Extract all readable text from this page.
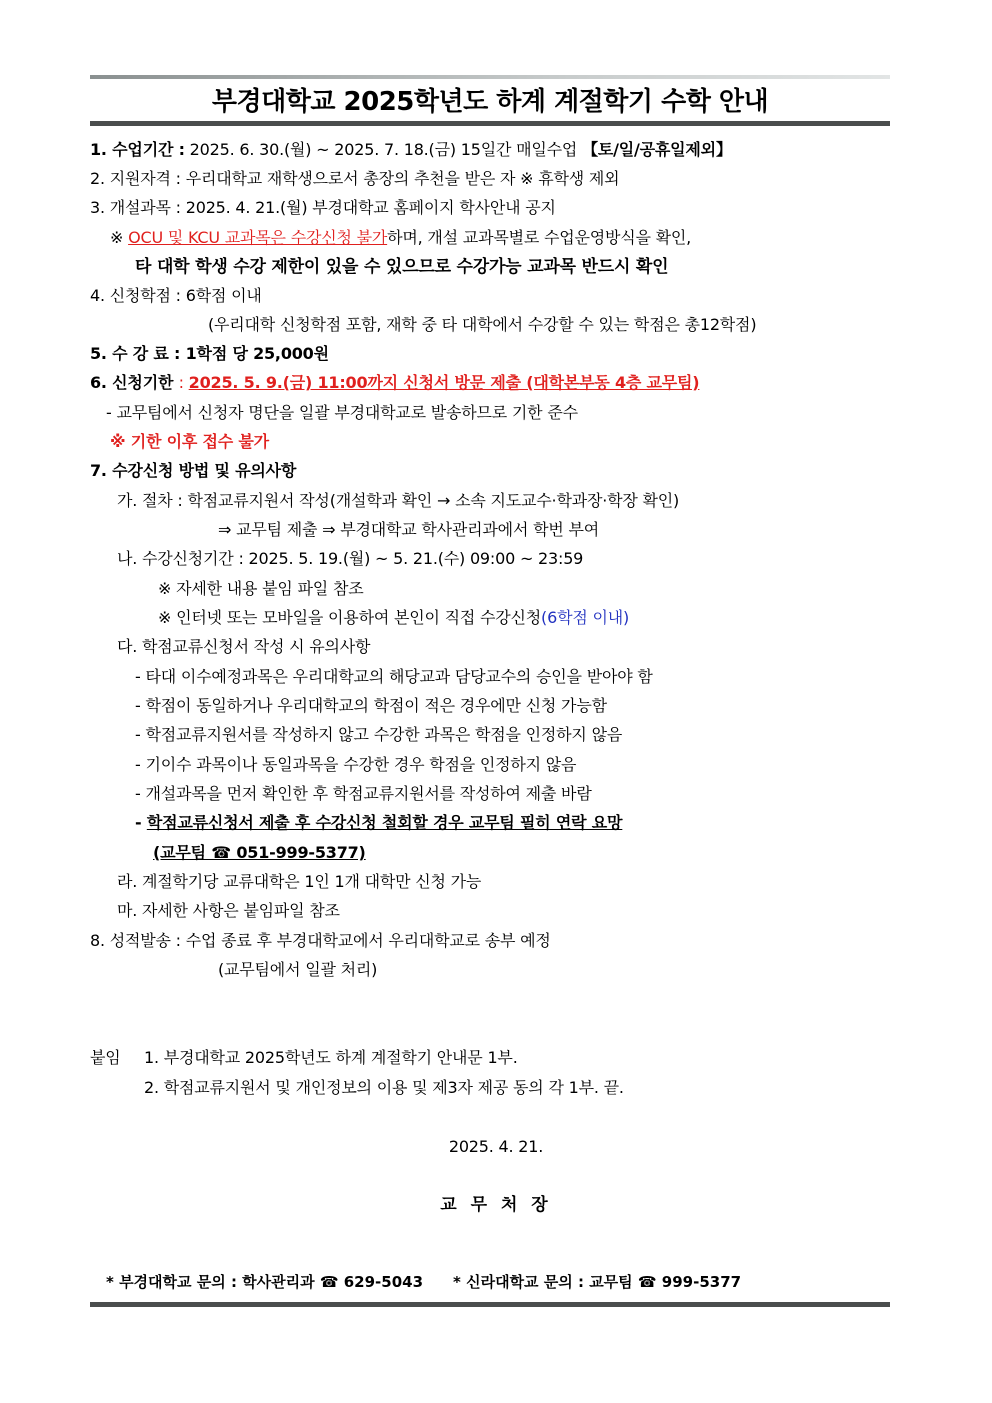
부경대학교 2025학년도 하계 계절학기 수학 안내
1. 수업기간 : 2025. 6. 30.(월) ~ 2025. 7. 18.(금) 15일간 매일수업 【토/일/공휴일제외】
2. 지원자격 : 우리대학교 재학생으로서 총장의 추천을 받은 자 ※ 휴학생 제외
3. 개설과목 : 2025. 4. 21.(월) 부경대학교 홈페이지 학사안내 공지
※ OCU 및 KCU 교과목은 수강신청 불가하며, 개설 교과목별로 수업운영방식을 확인,
타 대학 학생 수강 제한이 있을 수 있으므로 수강가능 교과목 반드시 확인
4. 신청학점 : 6학점 이내
(우리대학 신청학점 포함, 재학 중 타 대학에서 수강할 수 있는 학점은 총12학점)
5. 수 강 료 : 1학점 당 25,000원
6. 신청기한 : 2025. 5. 9.(금) 11:00까지 신청서 방문 제출 (대학본부동 4층 교무팀)
- 교무팀에서 신청자 명단을 일괄 부경대학교로 발송하므로 기한 준수
※ 기한 이후 접수 불가
7. 수강신청 방법 및 유의사항
가. 절차 : 학점교류지원서 작성(개설학과 확인 → 소속 지도교수·학과장·학장 확인)
⇒ 교무팀 제출 ⇒ 부경대학교 학사관리과에서 학번 부여
나. 수강신청기간 : 2025. 5. 19.(월) ~ 5. 21.(수) 09:00 ~ 23:59
※ 자세한 내용 붙임 파일 참조
※ 인터넷 또는 모바일을 이용하여 본인이 직접 수강신청(6학점 이내)
다. 학점교류신청서 작성 시 유의사항
- 타대 이수예정과목은 우리대학교의 해당교과 담당교수의 승인을 받아야 함
- 학점이 동일하거나 우리대학교의 학점이 적은 경우에만 신청 가능함
- 학점교류지원서를 작성하지 않고 수강한 과목은 학점을 인정하지 않음
- 기이수 과목이나 동일과목을 수강한 경우 학점을 인정하지 않음
- 개설과목을 먼저 확인한 후 학점교류지원서를 작성하여 제출 바람
- 학점교류신청서 제출 후 수강신청 철회할 경우 교무팀 필히 연락 요망
(교무팀 ☎ 051-999-5377)
라. 계절학기당 교류대학은 1인 1개 대학만 신청 가능
마. 자세한 사항은 붙임파일 참조
8. 성적발송 : 수업 종료 후 부경대학교에서 우리대학교로 송부 예정
(교무팀에서 일괄 처리)
붙임 1. 부경대학교 2025학년도 하계 계절학기 안내문 1부.
2. 학점교류지원서 및 개인정보의 이용 및 제3자 제공 동의 각 1부. 끝.
2025. 4. 21.
교 무 처 장
* 부경대학교 문의 : 학사관리과 ☎ 629-5043 * 신라대학교 문의 : 교무팀 ☎ 999-5377
